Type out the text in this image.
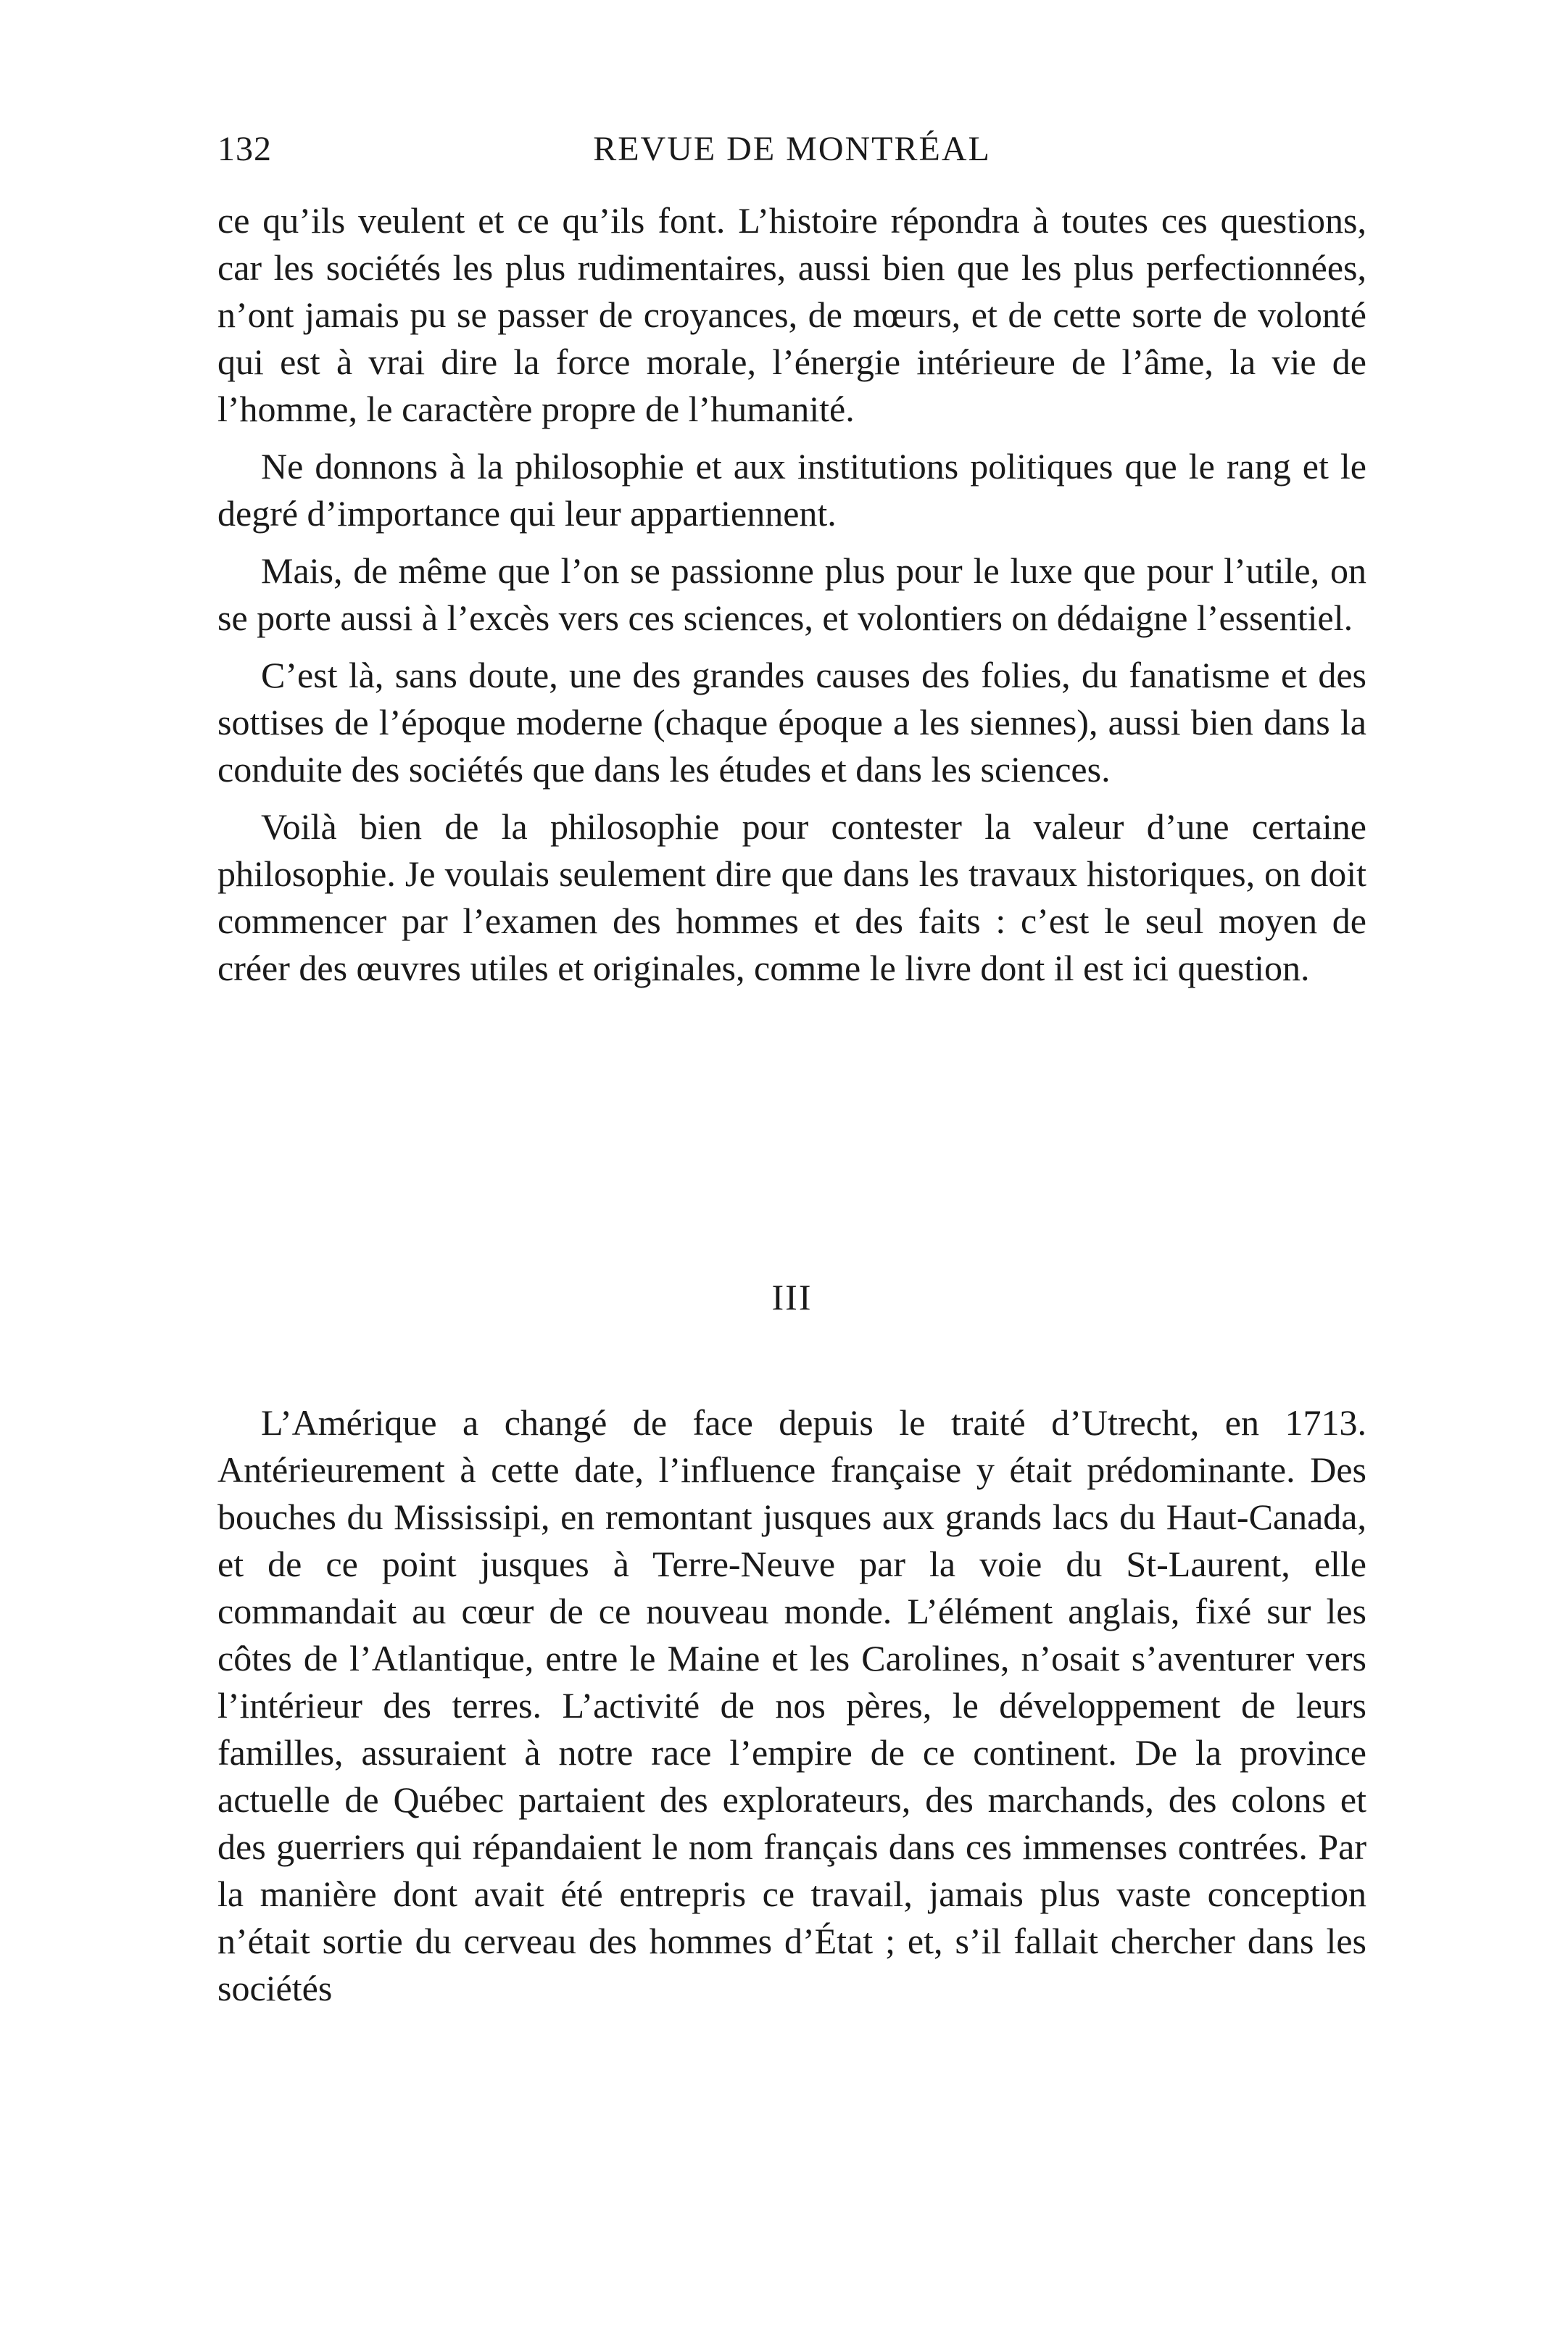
132	REVUE DE MONTRÉAL

ce qu’ils veulent et ce qu’ils font. L’histoire répondra à toutes ces questions, car les sociétés les plus rudimentaires, aussi bien que les plus perfectionnées, n’ont jamais pu se passer de croyances, de mœurs, et de cette sorte de volonté qui est à vrai dire la force morale, l’énergie intérieure de l’âme, la vie de l’homme, le caractère propre de l’humanité.

Ne donnons à la philosophie et aux institutions politiques que le rang et le degré d’importance qui leur appartiennent.

Mais, de même que l’on se passionne plus pour le luxe que pour l’utile, on se porte aussi à l’excès vers ces sciences, et volontiers on dédaigne l’essentiel.

C’est là, sans doute, une des grandes causes des folies, du fanatisme et des sottises de l’époque moderne (chaque époque a les siennes), aussi bien dans la conduite des sociétés que dans les études et dans les sciences.

Voilà bien de la philosophie pour contester la valeur d’une certaine philosophie. Je voulais seulement dire que dans les travaux historiques, on doit commencer par l’examen des hommes et des faits : c’est le seul moyen de créer des œuvres utiles et originales, comme le livre dont il est ici question.

III

L’Amérique a changé de face depuis le traité d’Utrecht, en 1713. Antérieurement à cette date, l’influence française y était prédominante. Des bouches du Mississipi, en remontant jusques aux grands lacs du Haut-Canada, et de ce point jusques à Terre-Neuve par la voie du St-Laurent, elle commandait au cœur de ce nouveau monde. L’élément anglais, fixé sur les côtes de l’Atlantique, entre le Maine et les Carolines, n’osait s’aventurer vers l’intérieur des terres. L’activité de nos pères, le développement de leurs familles, assuraient à notre race l’empire de ce continent. De la province actuelle de Québec partaient des explorateurs, des marchands, des colons et des guerriers qui répandaient le nom français dans ces immenses contrées. Par la manière dont avait été entrepris ce travail, jamais plus vaste conception n’était sortie du cerveau des hommes d’État ; et, s’il fallait chercher dans les sociétés
